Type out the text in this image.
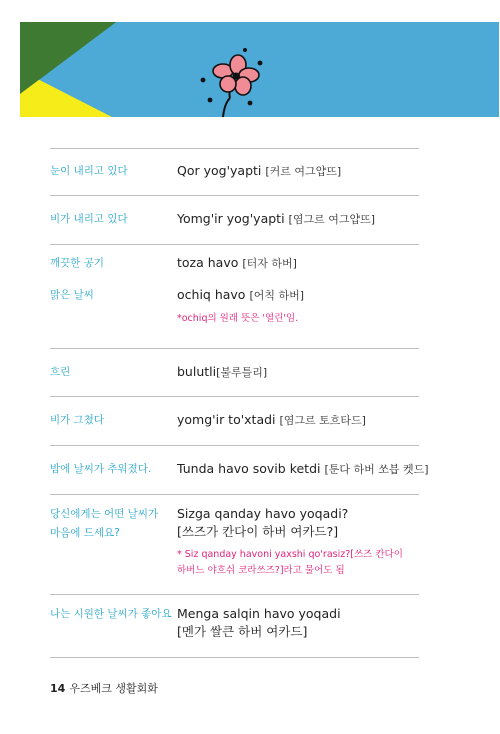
눈이 내리고 있다	Qor yog'yapti [커르 여그얍뜨]
비가 내리고 있다	Yomg'ir yog'yapti [염그르 여그얍뜨]
깨끗한 공기	toza havo [터자 하버]
맑은 날씨	ochiq havo [어칙 하버]
*ochiq의 원래 뜻은 '열린'임.
흐린	bulutli[불루틀리]
비가 그쳤다	yomg'ir to'xtadi [염그르 토흐타드]
밤에 날씨가 추워졌다. Tunda havo sovib ketdi [툰다 하버 쏘븝 켓드]
당신에게는 어떤 날씨가
마음에 드세요?
Sizga qanday havo yoqadi?
[쓰즈가 칸다이 하버 여카드?]
* Siz qanday havoni yaxshi qo'rasiz?[쓰즈 칸다이
하버느 야흐쉬 코라쓰즈?]라고 물어도 됨
나는 시원한 날씨가 좋아요 Menga salqin havo yoqadi
[멘가 쌀큰 하버 여카드]
14 우즈베크 생활회화
